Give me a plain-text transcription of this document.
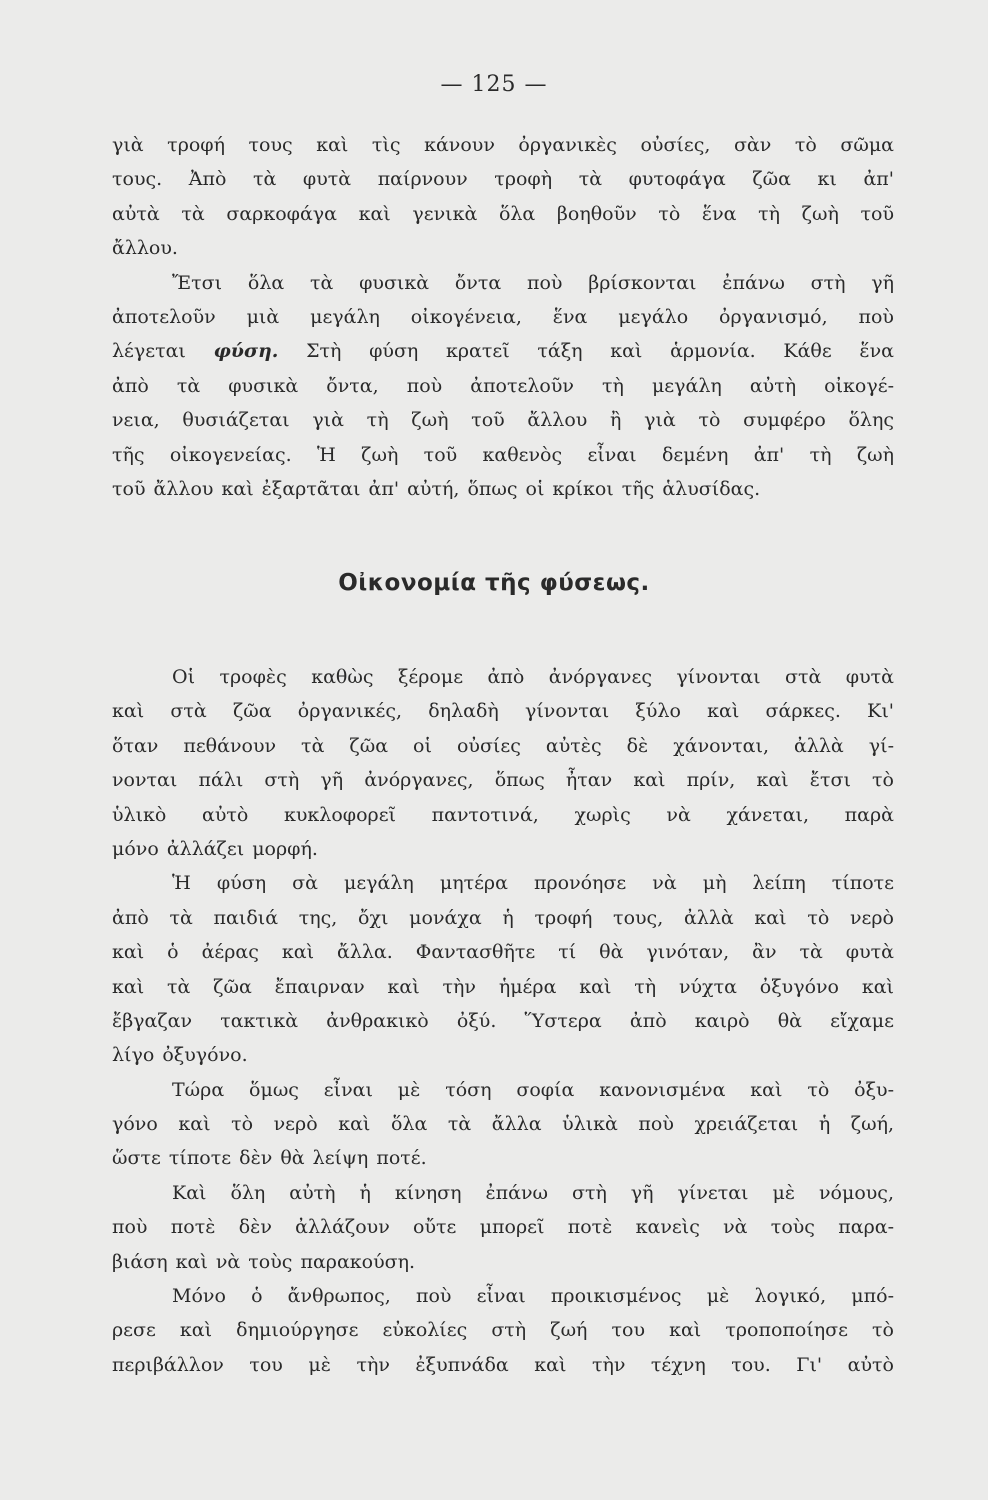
— 125 —
γιὰ τροφή τους καὶ τὶς κάνουν ὀργανικὲς οὐσίες, σὰν τὸ σῶμα
τους. Ἀπὸ τὰ φυτὰ παίρνουν τροφὴ τὰ φυτοφάγα ζῶα κι ἀπ'
αὐτὰ τὰ σαρκοφάγα καὶ γενικὰ ὅλα βοηθοῦν τὸ ἕνα τὴ ζωὴ τοῦ
ἄλλου.
Ἔτσι ὅλα τὰ φυσικὰ ὄντα ποὺ βρίσκονται ἐπάνω στὴ γῆ
ἀποτελοῦν μιὰ μεγάλη οἰκογένεια, ἕνα μεγάλο ὀργανισμό, ποὺ
λέγεται φύση. Στὴ φύση κρατεῖ τάξη καὶ ἁρμονία. Κάθε ἕνα
ἀπὸ τὰ φυσικὰ ὄντα, ποὺ ἀποτελοῦν τὴ μεγάλη αὐτὴ οἰκογέ-
νεια, θυσιάζεται γιὰ τὴ ζωὴ τοῦ ἄλλου ἢ γιὰ τὸ συμφέρο ὅλης
τῆς οἰκογενείας. Ἡ ζωὴ τοῦ καθενὸς εἶναι δεμένη ἀπ' τὴ ζωὴ
τοῦ ἄλλου καὶ ἐξαρτᾶται ἀπ' αὐτή, ὅπως οἱ κρίκοι τῆς ἁλυσίδας.
Οἰκονομία τῆς φύσεως.
Οἱ τροφὲς καθὼς ξέρομε ἀπὸ ἀνόργανες γίνονται στὰ φυτὰ
καὶ στὰ ζῶα ὀργανικές, δηλαδὴ γίνονται ξύλο καὶ σάρκες. Κι'
ὅταν πεθάνουν τὰ ζῶα οἱ οὐσίες αὐτὲς δὲ χάνονται, ἀλλὰ γί-
νονται πάλι στὴ γῆ ἀνόργανες, ὅπως ἦταν καὶ πρίν, καὶ ἔτσι τὸ
ὑλικὸ αὐτὸ κυκλοφορεῖ παντοτινά, χωρὶς νὰ χάνεται, παρὰ
μόνο ἀλλάζει μορφή.
Ἡ φύση σὰ μεγάλη μητέρα προνόησε νὰ μὴ λείπη τίποτε
ἀπὸ τὰ παιδιά της, ὄχι μονάχα ἡ τροφή τους, ἀλλὰ καὶ τὸ νερὸ
καὶ ὁ ἀέρας καὶ ἄλλα. Φαντασθῆτε τί θὰ γινόταν, ἂν τὰ φυτὰ
καὶ τὰ ζῶα ἔπαιρναν καὶ τὴν ἡμέρα καὶ τὴ νύχτα ὀξυγόνο καὶ
ἔβγαζαν τακτικὰ ἀνθρακικὸ ὀξύ. Ὕστερα ἀπὸ καιρὸ θὰ εἴχαμε
λίγο ὀξυγόνο.
Τώρα ὅμως εἶναι μὲ τόση σοφία κανονισμένα καὶ τὸ ὀξυ-
γόνο καὶ τὸ νερὸ καὶ ὅλα τὰ ἄλλα ὑλικὰ ποὺ χρειάζεται ἡ ζωή,
ὥστε τίποτε δὲν θὰ λείψη ποτέ.
Καὶ ὅλη αὐτὴ ἡ κίνηση ἐπάνω στὴ γῆ γίνεται μὲ νόμους,
ποὺ ποτὲ δὲν ἀλλάζουν οὔτε μπορεῖ ποτὲ κανεὶς νὰ τοὺς παρα-
βιάση καὶ νὰ τοὺς παρακούση.
Μόνο ὁ ἄνθρωπος, ποὺ εἶναι προικισμένος μὲ λογικό, μπό-
ρεσε καὶ δημιούργησε εὐκολίες στὴ ζωή του καὶ τροποποίησε τὸ
περιβάλλον του μὲ τὴν ἐξυπνάδα καὶ τὴν τέχνη του. Γι' αὐτὸ
